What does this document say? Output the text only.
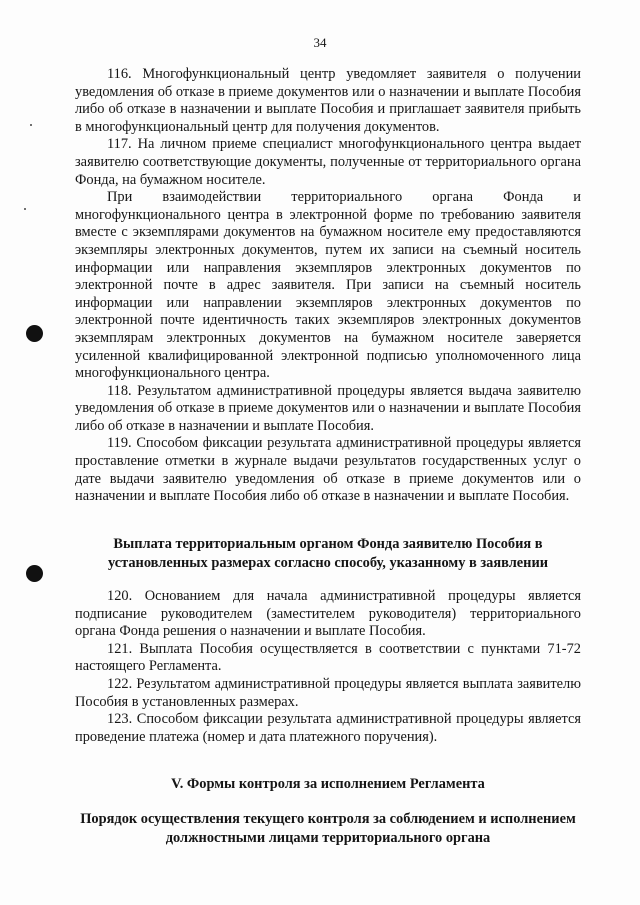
34

116. Многофункциональный центр уведомляет заявителя о получении уведомления об отказе в приеме документов или о назначении и выплате Пособия либо об отказе в назначении и выплате Пособия и приглашает заявителя прибыть в многофункциональный центр для получения документов.

117. На личном приеме специалист многофункционального центра выдает заявителю соответствующие документы, полученные от территориального органа Фонда, на бумажном носителе.

При взаимодействии территориального органа Фонда и многофункционального центра в электронной форме по требованию заявителя вместе с экземплярами документов на бумажном носителе ему предоставляются экземпляры электронных документов, путем их записи на съемный носитель информации или направления экземпляров электронных документов по электронной почте в адрес заявителя. При записи на съемный носитель информации или направлении экземпляров электронных документов по электронной почте идентичность таких экземпляров электронных документов экземплярам электронных документов на бумажном носителе заверяется усиленной квалифицированной электронной подписью уполномоченного лица многофункционального центра.

118. Результатом административной процедуры является выдача заявителю уведомления об отказе в приеме документов или о назначении и выплате Пособия либо об отказе в назначении и выплате Пособия.

119. Способом фиксации результата административной процедуры является проставление отметки в журнале выдачи результатов государственных услуг о дате выдачи заявителю уведомления об отказе в приеме документов или о назначении и выплате Пособия либо об отказе в назначении и выплате Пособия.

Выплата территориальным органом Фонда заявителю Пособия в установленных размерах согласно способу, указанному в заявлении

120. Основанием для начала административной процедуры является подписание руководителем (заместителем руководителя) территориального органа Фонда решения о назначении и выплате Пособия.

121. Выплата Пособия осуществляется в соответствии с пунктами 71-72 настоящего Регламента.

122. Результатом административной процедуры является выплата заявителю Пособия в установленных размерах.

123. Способом фиксации результата административной процедуры является проведение платежа (номер и дата платежного поручения).

V. Формы контроля за исполнением Регламента
Порядок осуществления текущего контроля за соблюдением и исполнением должностными лицами территориального органа
